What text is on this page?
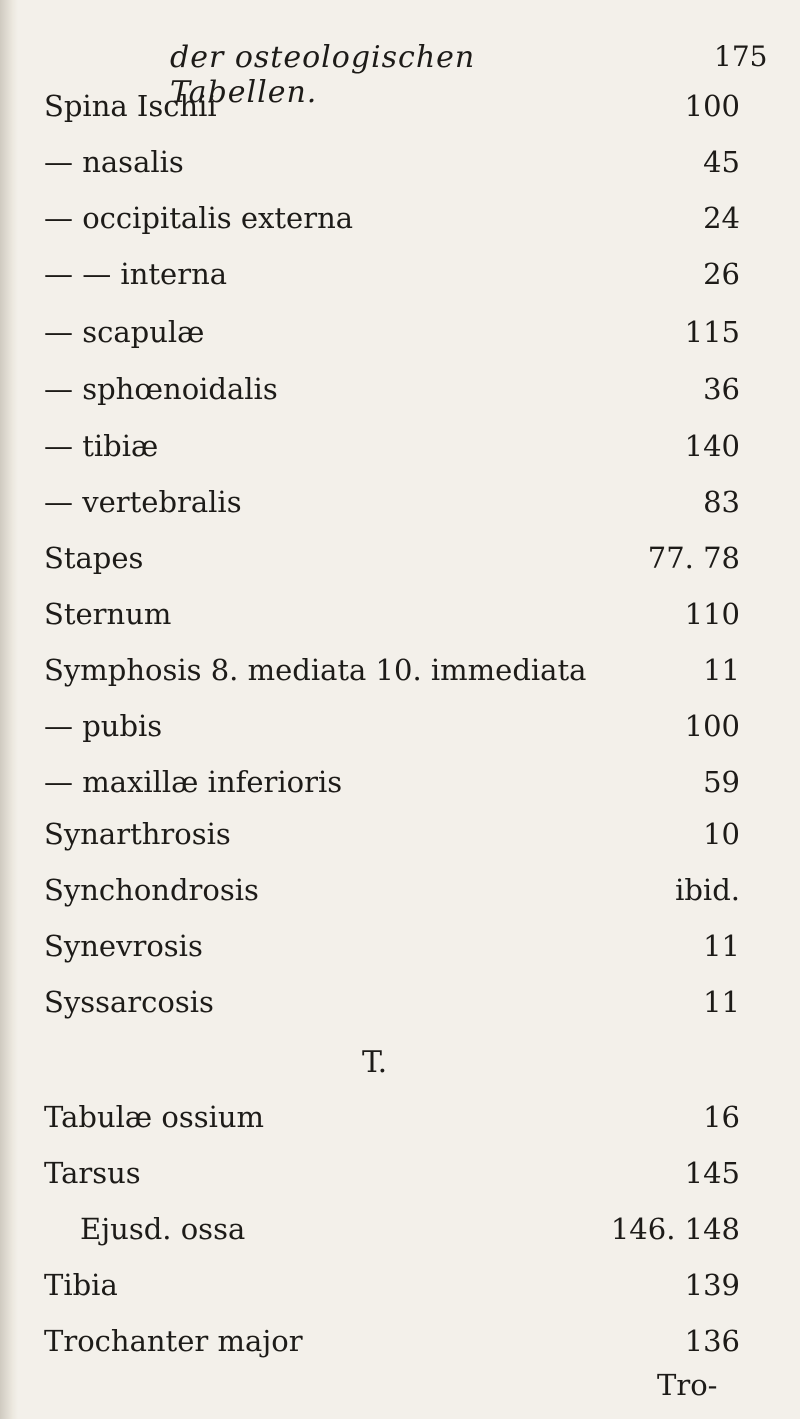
der osteologischen Tabellen.
175
Spina Ischii	100
— nasalis	45
— occipitalis externa	24
— — interna	26
— scapulæ	115
— sphœnoidalis	36
— tibiæ	140
— vertebralis	83
Stapes	77. 78
Sternum	110
Symphosis 8. mediata 10. immediata	11
— pubis	100
— maxillæ inferioris	59
Synarthrosis	10
Synchondrosis	ibid.
Synevrosis	11
Syssarcosis	11
T.
Tabulæ ossium	16
Tarsus	145
Ejusd. ossa	146. 148
Tibia	139
Trochanter major	136
Tro-
